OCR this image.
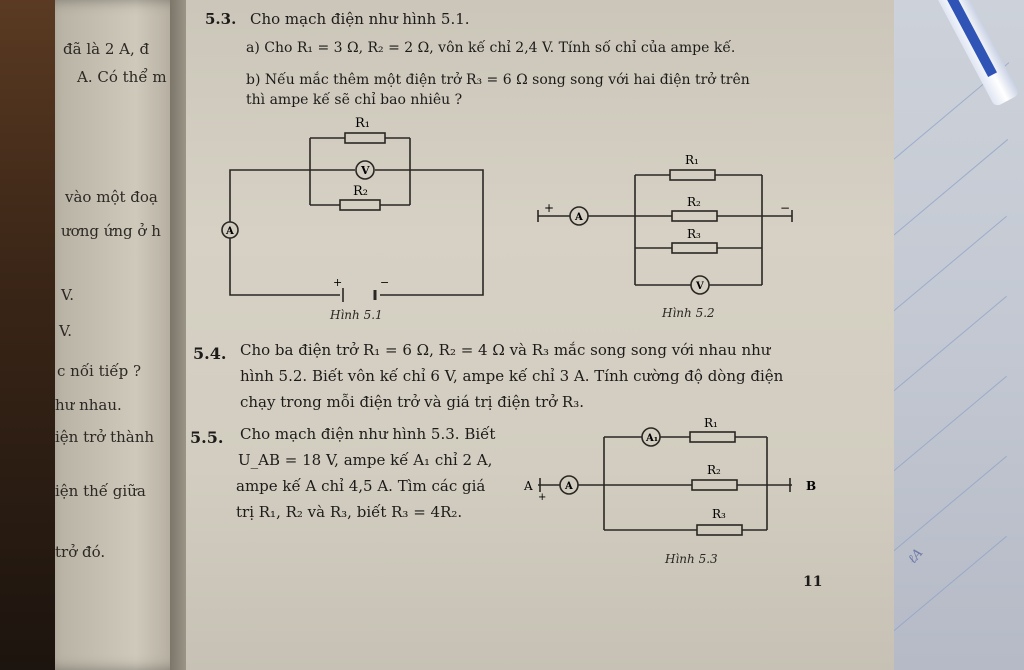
ℓA
đã là 2 A, đ
A. Có thể m
vào một đoạ
ương ứng ở h
V.
V.
c nối tiếp ?
hư nhau.
iện trở thành
iện thế giữa
trở đó.
5.3. Cho mạch điện như hình 5.1.
a) Cho R₁ = 3 Ω, R₂ = 2 Ω, vôn kế chỉ 2,4 V. Tính số chỉ của ampe kế.
b) Nếu mắc thêm một điện trở R₃ = 6 Ω song song với hai điện trở trên
thì ampe kế sẽ chỉ bao nhiêu ?
R₁
V
R₂
A
+	−
Hình 5.1
R₁
R₂
R₃
V
A
+	−
Hình 5.2
5.4. Cho ba điện trở R₁ = 6 Ω, R₂ = 4 Ω và R₃ mắc song song với nhau như
hình 5.2. Biết vôn kế chỉ 6 V, ampe kế chỉ 3 A. Tính cường độ dòng điện
chạy trong mỗi điện trở và giá trị điện trở R₃.
5.5. Cho mạch điện như hình 5.3. Biết
U_AB = 18 V, ampe kế A₁ chỉ 2 A,
ampe kế A chỉ 4,5 A. Tìm các giá
trị R₁, R₂ và R₃, biết R₃ = 4R₂.
A₁
R₁
R₂
R₃
A
A
+
B
Hình 5.3
11
